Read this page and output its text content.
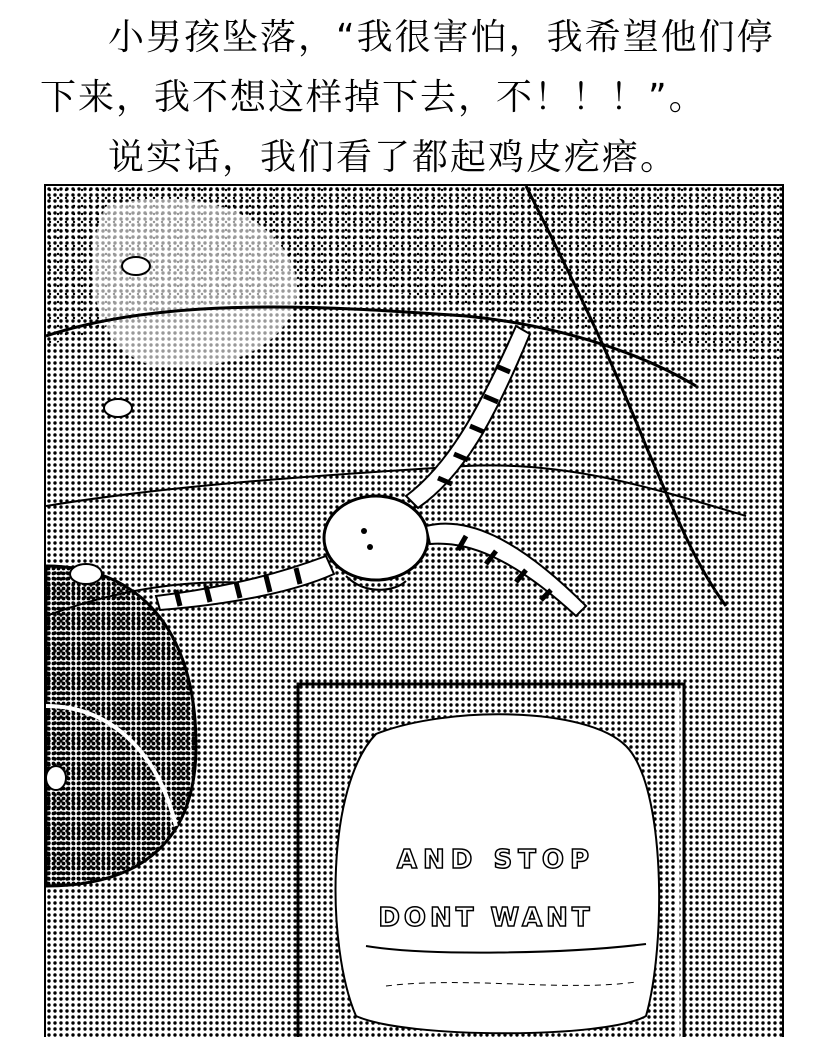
小男孩坠落，“我很害怕，我希望他们停下来，我不想这样掉下去，不！！！”。

说实话，我们看了都起鸡皮疙瘩。

AND STOP
DONT WANT
